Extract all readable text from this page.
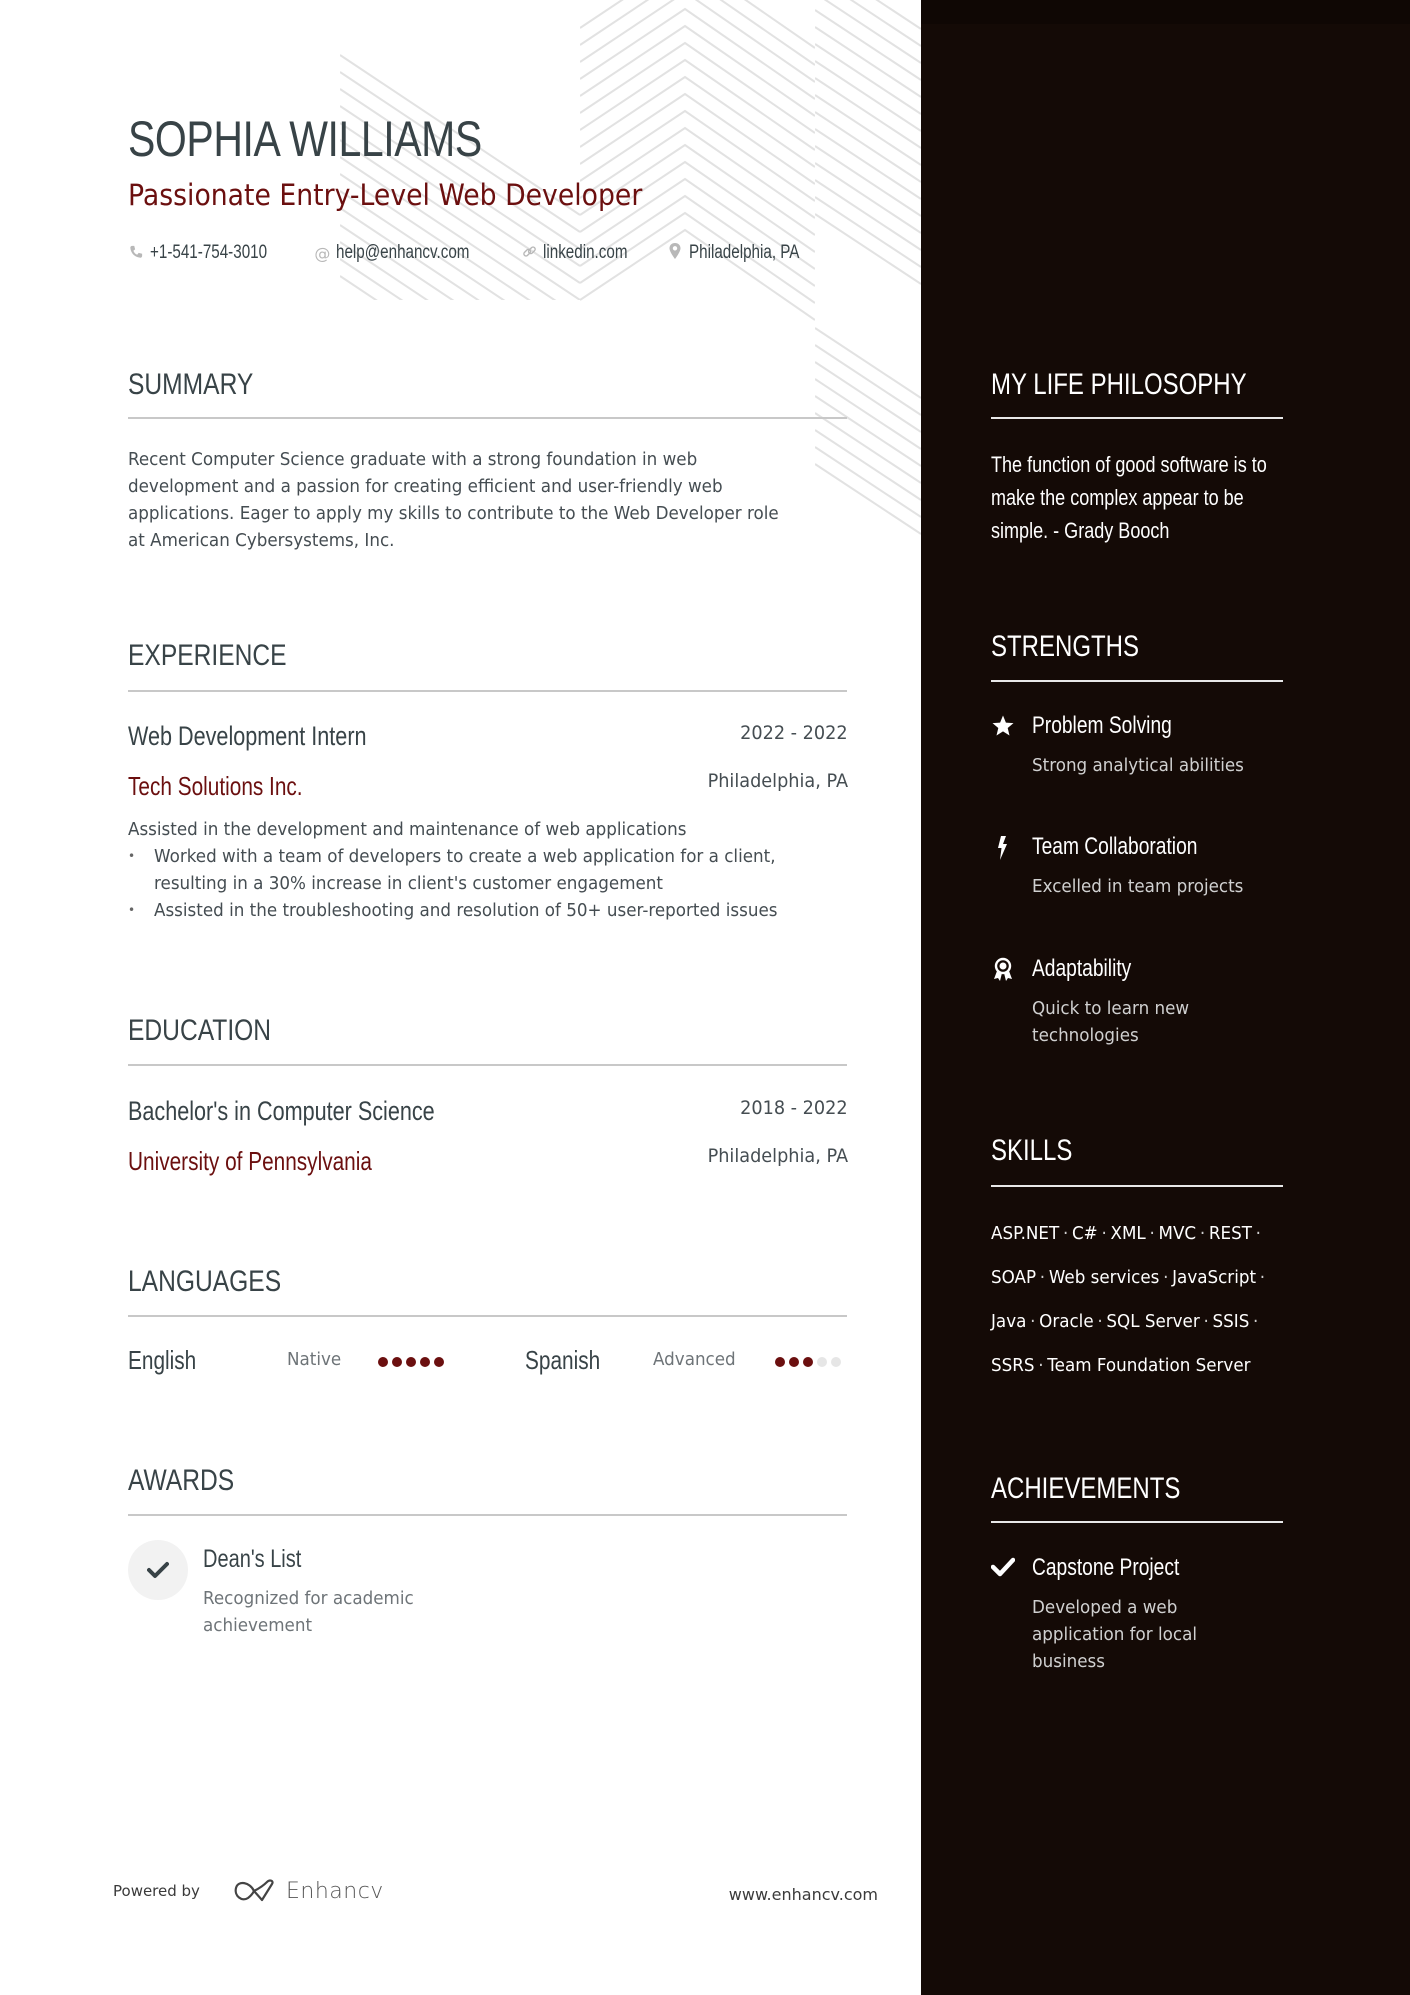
SOPHIA WILLIAMS
Passionate Entry-Level Web Developer
+1-541-754-3010	@ help@enhancv.com	linkedin.com	Philadelphia, PA
SUMMARY
Recent Computer Science graduate with a strong foundation in web
development and a passion for creating efficient and user-friendly web
applications. Eager to apply my skills to contribute to the Web Developer role
at American Cybersystems, Inc.
EXPERIENCE
Web Development Intern	2022 - 2022
Tech Solutions Inc.	Philadelphia, PA
Assisted in the development and maintenance of web applications
• Worked with a team of developers to create a web application for a client,
resulting in a 30% increase in client's customer engagement
• Assisted in the troubleshooting and resolution of 50+ user-reported issues
EDUCATION
Bachelor's in Computer Science	2018 - 2022
University of Pennsylvania	Philadelphia, PA
LANGUAGES
English	Native	Spanish	Advanced
AWARDS
Dean's List
Recognized for academic
achievement
Powered by	Enhancv	www.enhancv.com
MY LIFE PHILOSOPHY
The function of good software is to
make the complex appear to be
simple. - Grady Booch
STRENGTHS
Problem Solving
Strong analytical abilities
Team Collaboration
Excelled in team projects
Adaptability
Quick to learn new
technologies
SKILLS
ASP.NET · C# · XML · MVC · REST ·
SOAP · Web services · JavaScript ·
Java · Oracle · SQL Server · SSIS ·
SSRS · Team Foundation Server
ACHIEVEMENTS
Capstone Project
Developed a web
application for local
business
